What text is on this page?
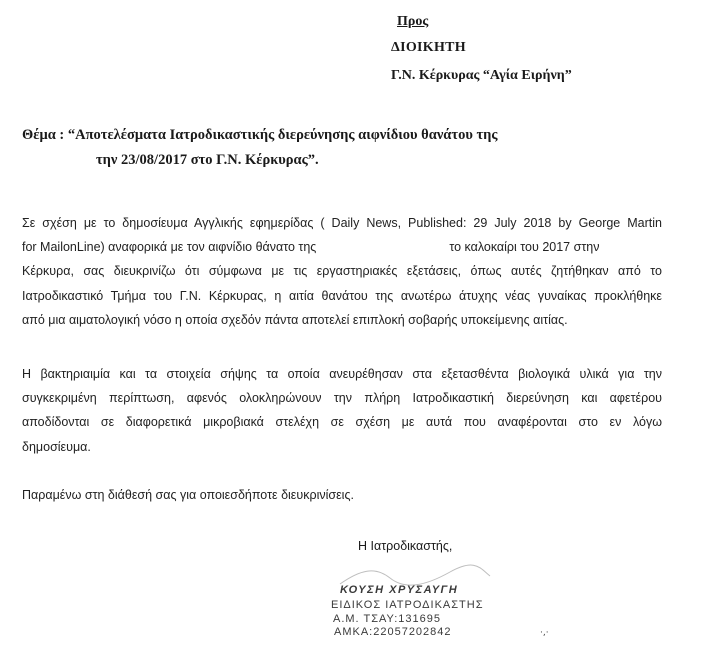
Προς
ΔΙΟΙΚΗΤΗ
Γ.Ν. Κέρκυρας “Αγία Ειρήνη”
Θέμα : “Αποτελέσματα Ιατροδικαστικής διερεύνησης αιφνίδιου θανάτου της
την 23/08/2017 στο Γ.Ν. Κέρκυρας”.
Σε σχέση με το δημοσίευμα Αγγλικής εφημερίδας ( Daily News, Published: 29 July 2018 by George Martin
for MailonLine) αναφορικά με τον αιφνίδιο θάνατο της	το καλοκαίρι του 2017 στην
Κέρκυρα, σας διευκρινίζω ότι σύμφωνα με τις εργαστηριακές εξετάσεις, όπως αυτές ζητήθηκαν από το
Ιατροδικαστικό Τμήμα του Γ.Ν. Κέρκυρας, η αιτία θανάτου της ανωτέρω άτυχης νέας γυναίκας προκλήθηκε
από μια αιματολογική νόσο η οποία σχεδόν πάντα αποτελεί επιπλοκή σοβαρής υποκείμενης αιτίας.
Η βακτηριαιμία και τα στοιχεία σήψης τα οποία ανευρέθησαν στα εξετασθέντα βιολογικά υλικά για την
συγκεκριμένη περίπτωση, αφενός ολοκληρώνουν την πλήρη Ιατροδικαστική διερεύνηση και αφετέρου
αποδίδονται σε διαφορετικά μικροβιακά στελέχη σε σχέση με αυτά που αναφέρονται στο εν λόγω
δημοσίευμα.
Παραμένω στη διάθεσή σας για οποιεσδήποτε διευκρινίσεις.
Η Ιατροδικαστής,
ΚΟΥΣΗ ΧΡΥΣΑΥΓΗ
ΕΙΔΙΚΟΣ ΙΑΤΡΟΔΙΚΑΣΤΗΣ
Α.Μ. ΤΣΑΥ:131695
ΑΜΚΑ:22057202842	·,·
